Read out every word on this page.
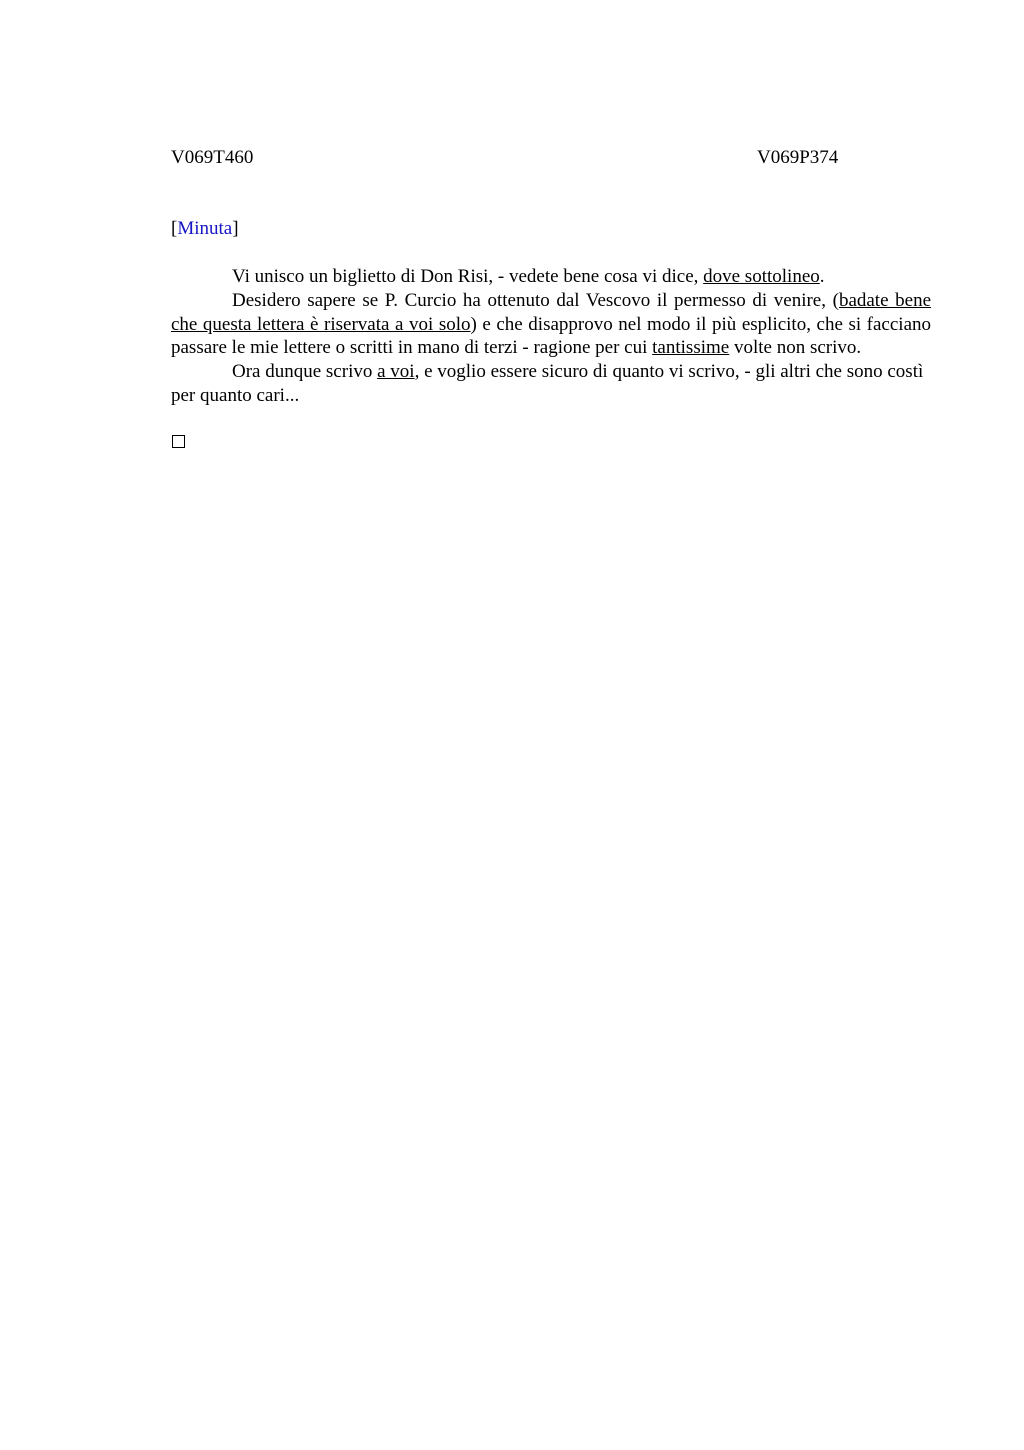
V069T460	V069P374
[Minuta]

Vi unisco un biglietto di Don Risi, - vedete bene cosa vi dice, dove sottolineo.

Desidero sapere se P. Curcio ha ottenuto dal Vescovo il permesso di venire, (badate bene che questa lettera è riservata a voi solo) e che disapprovo nel modo il più esplicito, che si facciano passare le mie lettere o scritti in mano di terzi - ragione per cui tantissime volte non scrivo.

Ora dunque scrivo a voi, e voglio essere sicuro di quanto vi scrivo, - gli altri che sono costì per quanto cari...
